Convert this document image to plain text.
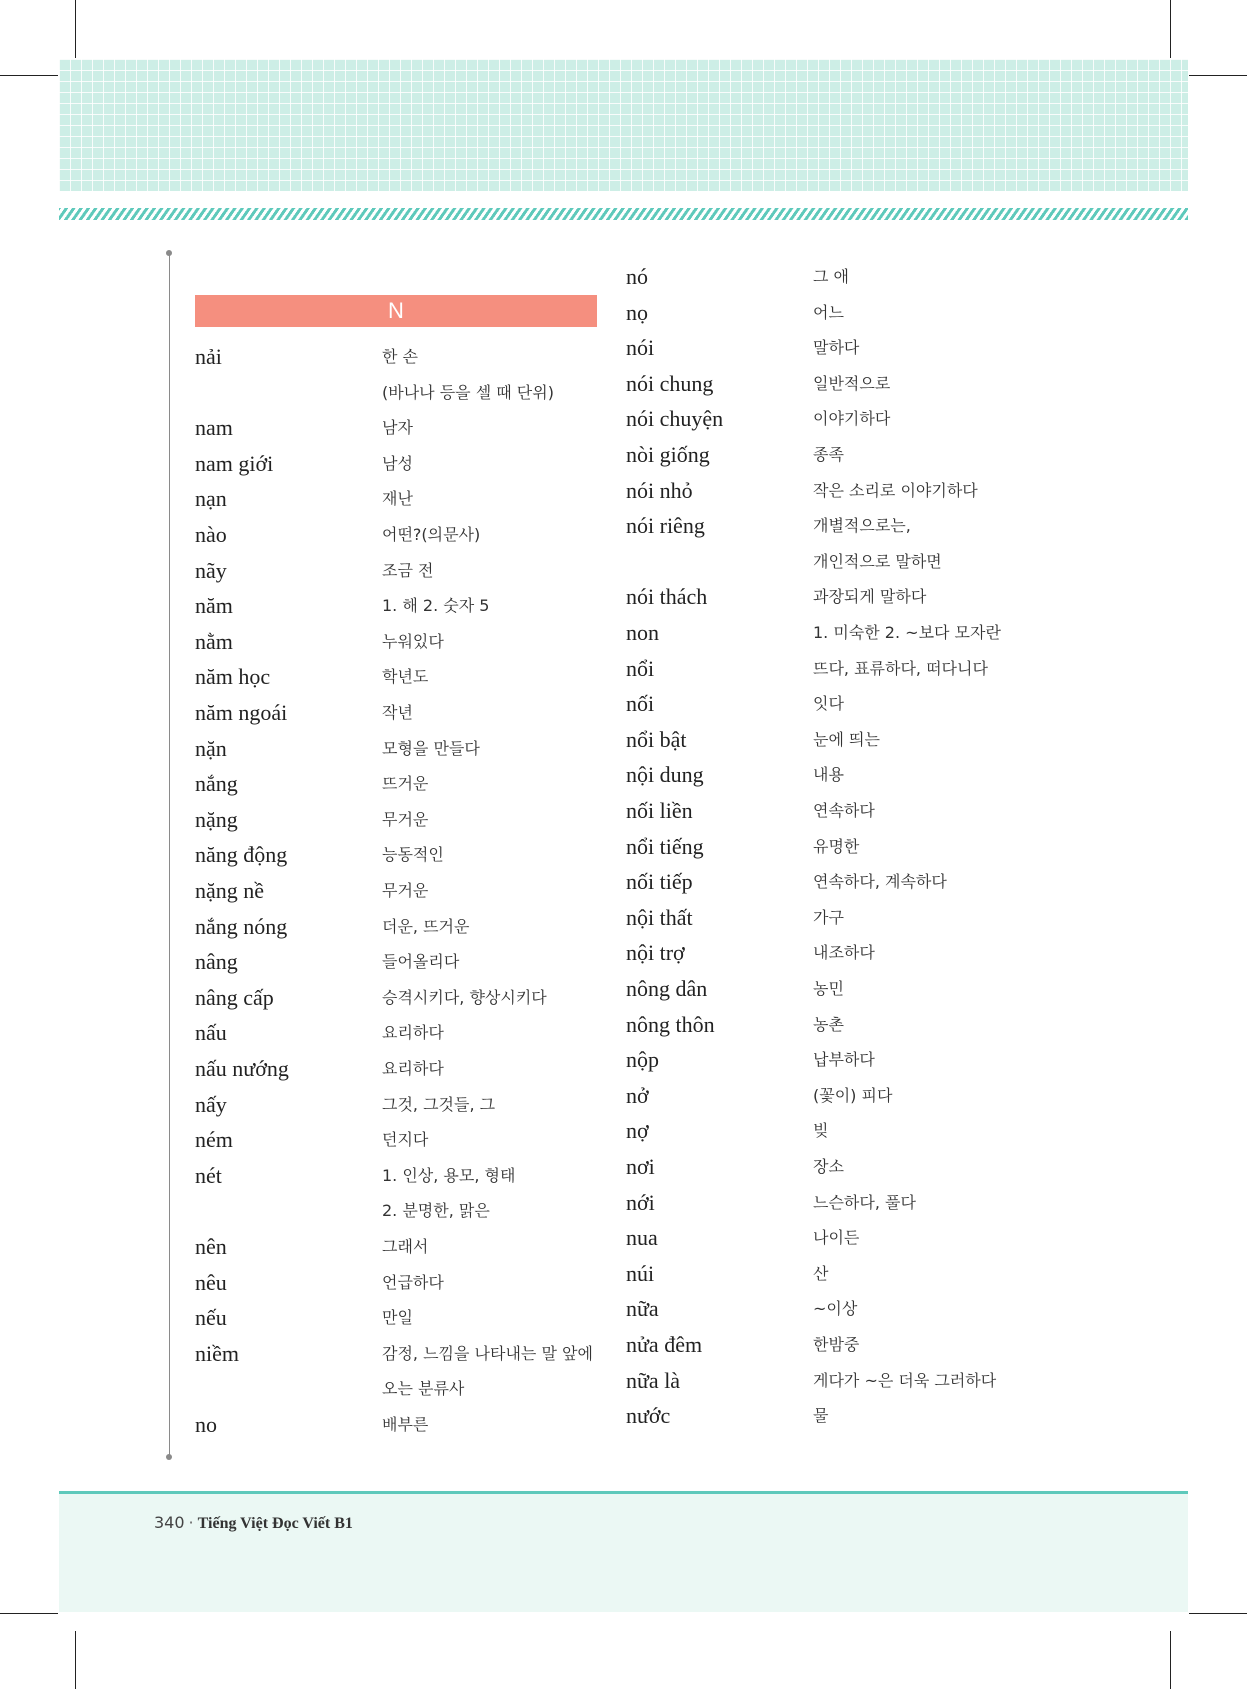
N
nải	한 손
(바나나 등을 셀 때 단위)
nam	남자
nam giới	남성
nạn	재난
nào	어떤?(의문사)
nãy	조금 전
năm	1. 해 2. 숫자 5
nằm	누워있다
năm học	학년도
năm ngoái	작년
nặn	모형을 만들다
nắng	뜨거운
nặng	무거운
năng động	능동적인
nặng nề	무거운
nắng nóng	더운, 뜨거운
nâng	들어올리다
nâng cấp	승격시키다, 향상시키다
nấu	요리하다
nấu nướng	요리하다
nấy	그것, 그것들, 그
ném	던지다
nét	1. 인상, 용모, 형태
2. 분명한, 맑은
nên	그래서
nêu	언급하다
nếu	만일
niềm	감정, 느낌을 나타내는 말 앞에
오는 분류사
no	배부른
nó	그 애
nọ	어느
nói	말하다
nói chung	일반적으로
nói chuyện	이야기하다
nòi giống	종족
nói nhỏ	작은 소리로 이야기하다
nói riêng	개별적으로는,
개인적으로 말하면
nói thách	과장되게 말하다
non	1. 미숙한 2. ~보다 모자란
nổi	뜨다, 표류하다, 떠다니다
nối	잇다
nổi bật	눈에 띄는
nội dung	내용
nối liền	연속하다
nổi tiếng	유명한
nối tiếp	연속하다, 계속하다
nội thất	가구
nội trợ	내조하다
nông dân	농민
nông thôn	농촌
nộp	납부하다
nở	(꽃이) 피다
nợ	빚
nơi	장소
nới	느슨하다, 풀다
nua	나이든
núi	산
nữa	~이상
nửa đêm	한밤중
nữa là	게다가 ~은 더욱 그러하다
nước	물
340 · Tiếng Việt Đọc Viết B1
